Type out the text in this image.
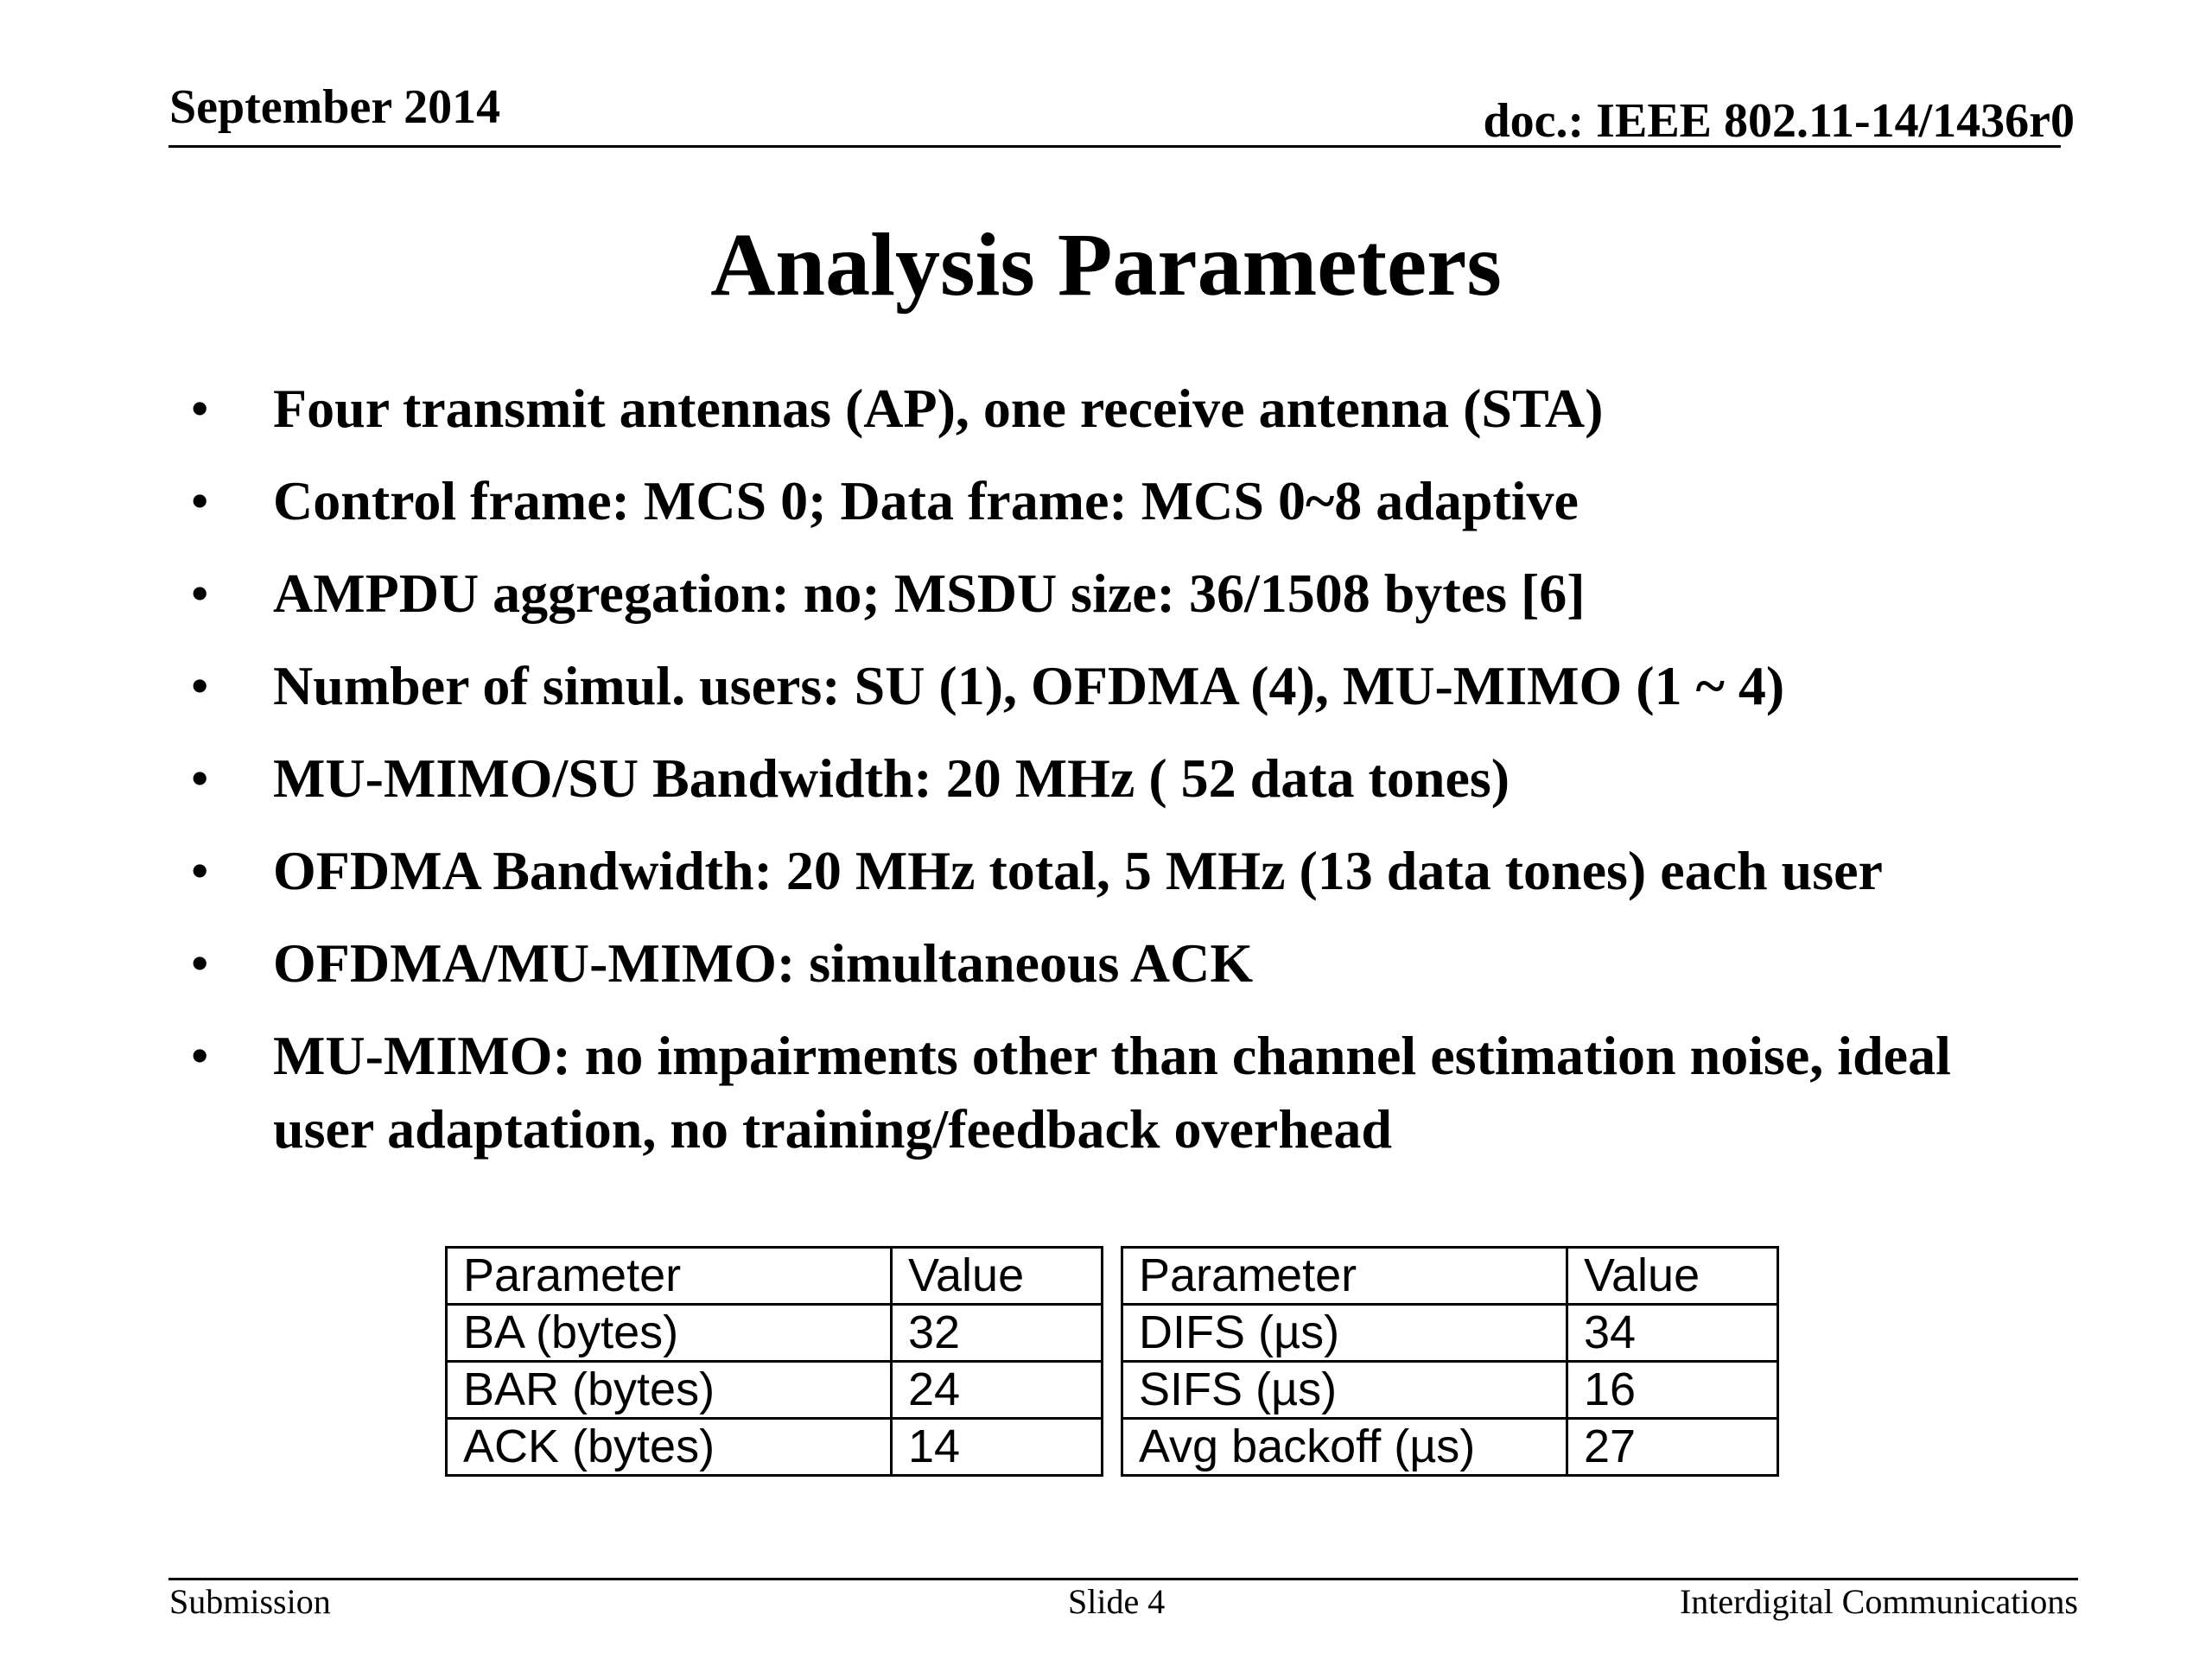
September 2014	doc.: IEEE 802.11-14/1436r0
Analysis Parameters
• Four transmit antennas (AP), one receive antenna (STA)
• Control frame: MCS 0; Data frame: MCS 0~8 adaptive
• AMPDU aggregation: no; MSDU size: 36/1508 bytes [6]
• Number of simul. users: SU (1), OFDMA (4), MU-MIMO (1 ~ 4)
• MU-MIMO/SU Bandwidth: 20 MHz ( 52 data tones)
• OFDMA Bandwidth: 20 MHz total, 5 MHz (13 data tones) each user
• OFDMA/MU-MIMO: simultaneous ACK
• MU-MIMO: no impairments other than channel estimation noise, ideal
user adaptation, no training/feedback overhead
Parameter	Value
BA (bytes)	32
BAR (bytes)	24
ACK (bytes)	14
Parameter	Value
DIFS (µs)	34
SIFS (µs)	16
Avg backoff (µs)	27
Submission	Slide 4	Interdigital Communications
